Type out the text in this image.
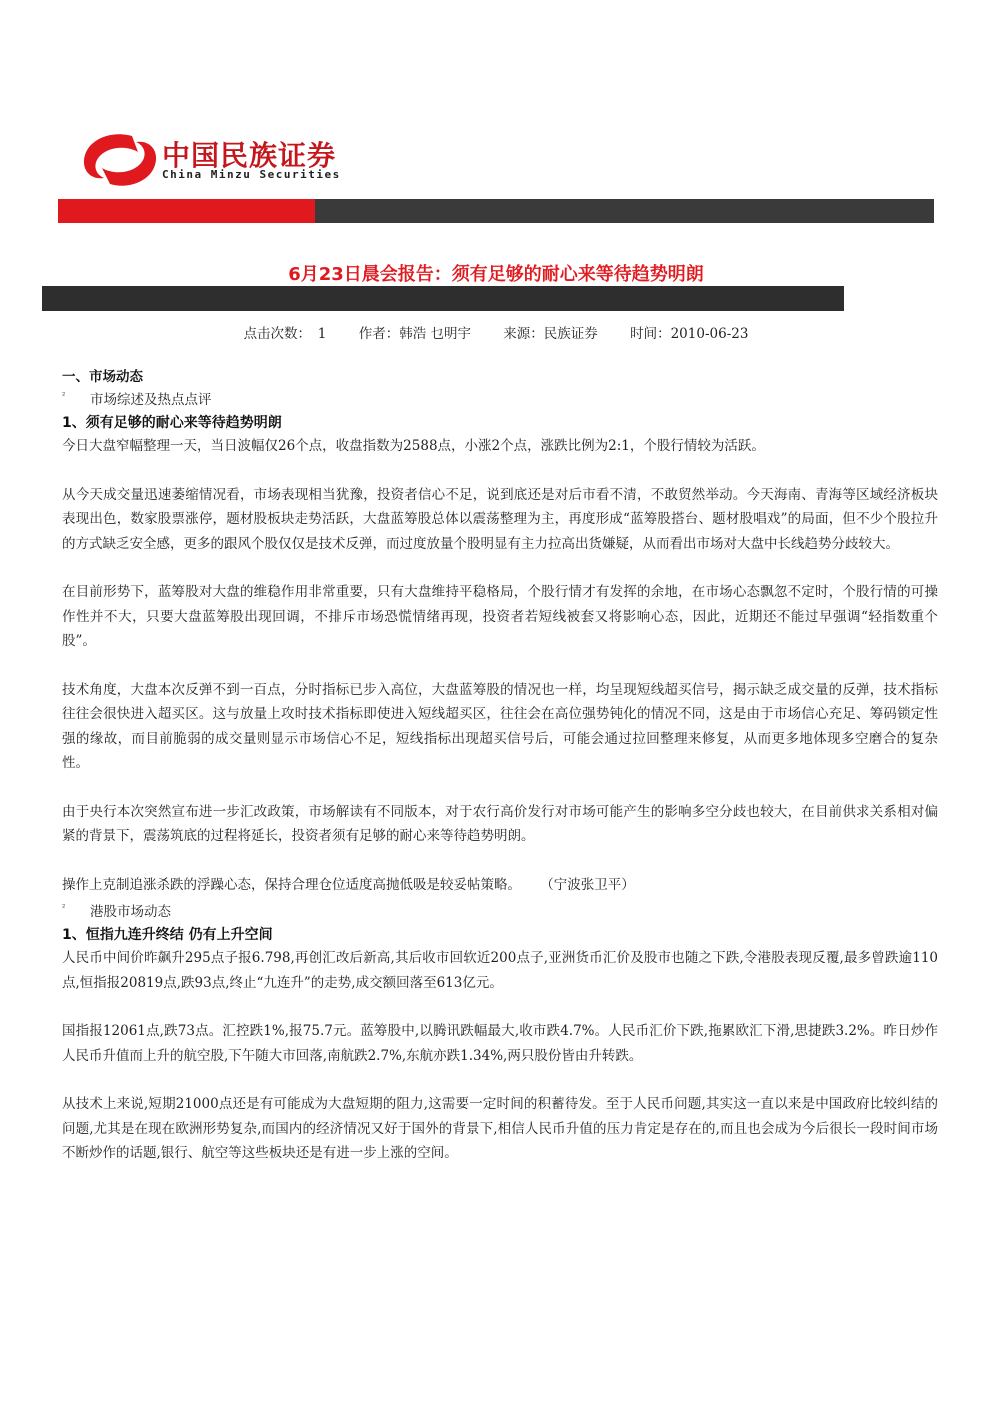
中国民族证券
China Minzu Securities
6月23日晨会报告：须有足够的耐心来等待趋势明朗
点击次数：　1 作者：韩浩 乜明宇 来源：民族证券 时间：2010-06-23

一、市场动态

² 市场综述及热点点评

1、须有足够的耐心来等待趋势明朗

今日大盘窄幅整理一天，当日波幅仅26个点，收盘指数为2588点，小涨2个点，涨跌比例为2:1，个股行情较为活跃。

从今天成交量迅速萎缩情况看，市场表现相当犹豫，投资者信心不足，说到底还是对后市看不清，不敢贸然举动。今天海南、青海等区域经济板块表现出色，数家股票涨停，题材股板块走势活跃，大盘蓝筹股总体以震荡整理为主，再度形成“蓝筹股搭台、题材股唱戏”的局面，但不少个股拉升的方式缺乏安全感，更多的跟风个股仅仅是技术反弹，而过度放量个股明显有主力拉高出货嫌疑，从而看出市场对大盘中长线趋势分歧较大。

在目前形势下，蓝筹股对大盘的维稳作用非常重要，只有大盘维持平稳格局，个股行情才有发挥的余地，在市场心态飘忽不定时，个股行情的可操作性并不大，只要大盘蓝筹股出现回调，不排斥市场恐慌情绪再现，投资者若短线被套又将影响心态，因此，近期还不能过早强调“轻指数重个股”。

技术角度，大盘本次反弹不到一百点，分时指标已步入高位，大盘蓝筹股的情况也一样，均呈现短线超买信号，揭示缺乏成交量的反弹，技术指标往往会很快进入超买区。这与放量上攻时技术指标即使进入短线超买区，往往会在高位强势钝化的情况不同，这是由于市场信心充足、筹码锁定性强的缘故，而目前脆弱的成交量则显示市场信心不足，短线指标出现超买信号后，可能会通过拉回整理来修复，从而更多地体现多空磨合的复杂性。

由于央行本次突然宣布进一步汇改政策，市场解读有不同版本，对于农行高价发行对市场可能产生的影响多空分歧也较大，在目前供求关系相对偏紧的背景下，震荡筑底的过程将延长，投资者须有足够的耐心来等待趋势明朗。

操作上克制追涨杀跌的浮躁心态，保持合理仓位适度高抛低吸是较妥帖策略。 （宁波张卫平）

² 港股市场动态

1、恒指九连升终结 仍有上升空间

人民币中间价昨飙升295点子报6.798,再创汇改后新高,其后收市回软近200点子,亚洲货币汇价及股市也随之下跌,令港股表现反覆,最多曾跌逾110点,恒指报20819点,跌93点,终止“九连升”的走势,成交额回落至613亿元。

国指报12061点,跌73点。汇控跌1%,报75.7元。蓝筹股中,以腾讯跌幅最大,收市跌4.7%。人民币汇价下跌,拖累欧汇下滑,思捷跌3.2%。昨日炒作人民币升值而上升的航空股,下午随大市回落,南航跌2.7%,东航亦跌1.34%,两只股份皆由升转跌。

从技术上来说,短期21000点还是有可能成为大盘短期的阻力,这需要一定时间的积蓄待发。至于人民币问题,其实这一直以来是中国政府比较纠结的问题,尤其是在现在欧洲形势复杂,而国内的经济情况又好于国外的背景下,相信人民币升值的压力肯定是存在的,而且也会成为今后很长一段时间市场不断炒作的话题,银行、航空等这些板块还是有进一步上涨的空间。
